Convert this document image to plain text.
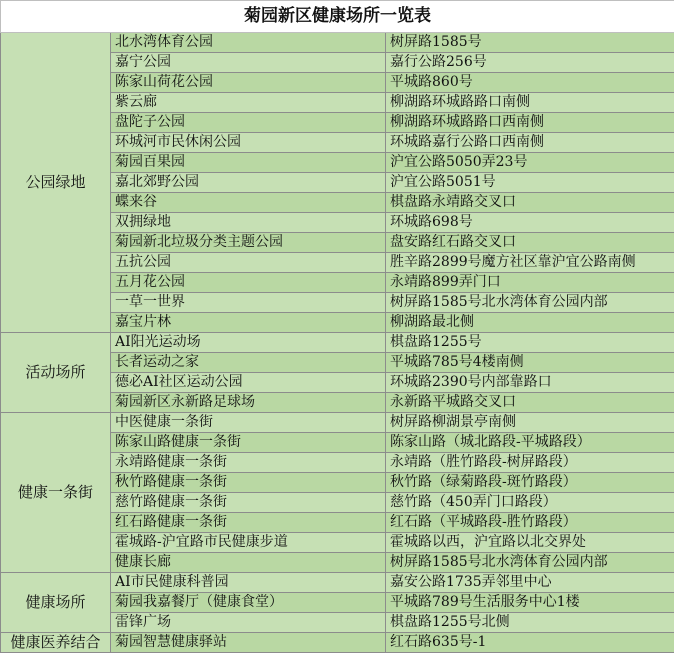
菊园新区健康场所一览表		
公园绿地	北水湾体育公园	树屏路1585号
	嘉宁公园	嘉行公路256号
	陈家山荷花公园	平城路860号
	紫云廊	柳湖路环城路路口南侧
	盘陀子公园	柳湖路环城路路口西南侧
	环城河市民休闲公园	环城路嘉行公路口西南侧
	菊园百果园	沪宜公路5050弄23号
	嘉北郊野公园	沪宜公路5051号
	蝶来谷	棋盘路永靖路交叉口
	双拥绿地	环城路698号
	菊园新北垃圾分类主题公园	盘安路红石路交叉口
	五抗公园	胜辛路2899号魔方社区靠沪宜公路南侧
	五月花公园	永靖路899弄门口
	一草一世界	树屏路1585号北水湾体育公园内部
	嘉宝片林	柳湖路最北侧
活动场所	AI阳光运动场	棋盘路1255号
	长者运动之家	平城路785号4楼南侧
	德必AI社区运动公园	环城路2390号内部靠路口
	菊园新区永新路足球场	永新路平城路交叉口
健康一条街	中医健康一条街	树屏路柳湖景亭南侧
	陈家山路健康一条街	陈家山路（城北路段-平城路段）
	永靖路健康一条街	永靖路（胜竹路段-树屏路段）
	秋竹路健康一条街	秋竹路（绿菊路段-斑竹路段）
	慈竹路健康一条街	慈竹路（450弄门口路段）
	红石路健康一条街	红石路（平城路段-胜竹路段）
	霍城路-沪宜路市民健康步道	霍城路以西，沪宜路以北交界处
	健康长廊	树屏路1585号北水湾体育公园内部
健康场所	AI市民健康科普园	嘉安公路1735弄邻里中心
	菊园我嘉餐厅（健康食堂）	平城路789号生活服务中心1楼
	雷锋广场	棋盘路1255号北侧
健康医养结合	菊园智慧健康驿站	红石路635号-1
